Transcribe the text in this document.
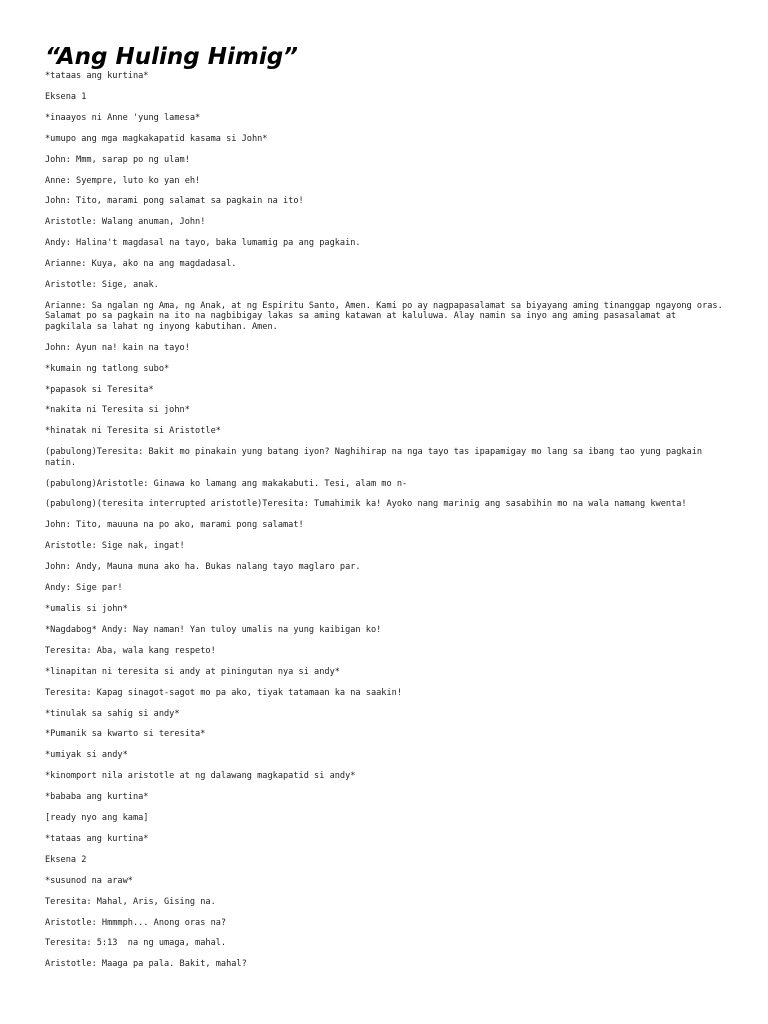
“Ang Huling Himig”

*tataas ang kurtina*

Eksena 1

*inaayos ni Anne 'yung lamesa*

*umupo ang mga magkakapatid kasama si John*

John: Mmm, sarap po ng ulam!

Anne: Syempre, luto ko yan eh!

John: Tito, marami pong salamat sa pagkain na ito!

Aristotle: Walang anuman, John!

Andy: Halina't magdasal na tayo, baka lumamig pa ang pagkain.

Arianne: Kuya, ako na ang magdadasal.

Aristotle: Sige, anak.

Arianne: Sa ngalan ng Ama, ng Anak, at ng Espiritu Santo, Amen. Kami po ay nagpapasalamat sa biyayang aming tinanggap ngayong oras. Salamat po sa pagkain na ito na nagbibigay lakas sa aming katawan at kaluluwa. Alay namin sa inyo ang aming pasasalamat at pagkilala sa lahat ng inyong kabutihan. Amen.

John: Ayun na! kain na tayo!

*kumain ng tatlong subo*

*papasok si Teresita*

*nakita ni Teresita si john*

*hinatak ni Teresita si Aristotle*

(pabulong)Teresita: Bakit mo pinakain yung batang iyon? Naghihirap na nga tayo tas ipapamigay mo lang sa ibang tao yung pagkain natin.

(pabulong)Aristotle: Ginawa ko lamang ang makakabuti. Tesi, alam mo n-

(pabulong)(teresita interrupted aristotle)Teresita: Tumahimik ka! Ayoko nang marinig ang sasabihin mo na wala namang kwenta!

John: Tito, mauuna na po ako, marami pong salamat!

Aristotle: Sige nak, ingat!

John: Andy, Mauna muna ako ha. Bukas nalang tayo maglaro par.

Andy: Sige par!

*umalis si john*

*Nagdabog* Andy: Nay naman! Yan tuloy umalis na yung kaibigan ko!

Teresita: Aba, wala kang respeto!

*linapitan ni teresita si andy at piningutan nya si andy*

Teresita: Kapag sinagot-sagot mo pa ako, tiyak tatamaan ka na saakin!

*tinulak sa sahig si andy*

*Pumanik sa kwarto si teresita*

*umiyak si andy*

*kinomport nila aristotle at ng dalawang magkapatid si andy*

*bababa ang kurtina*

[ready nyo ang kama]

*tataas ang kurtina*

Eksena 2

*susunod na araw*

Teresita: Mahal, Aris, Gising na.

Aristotle: Hmmmph... Anong oras na?

Teresita: 5:13  na ng umaga, mahal.

Aristotle: Maaga pa pala. Bakit, mahal?
